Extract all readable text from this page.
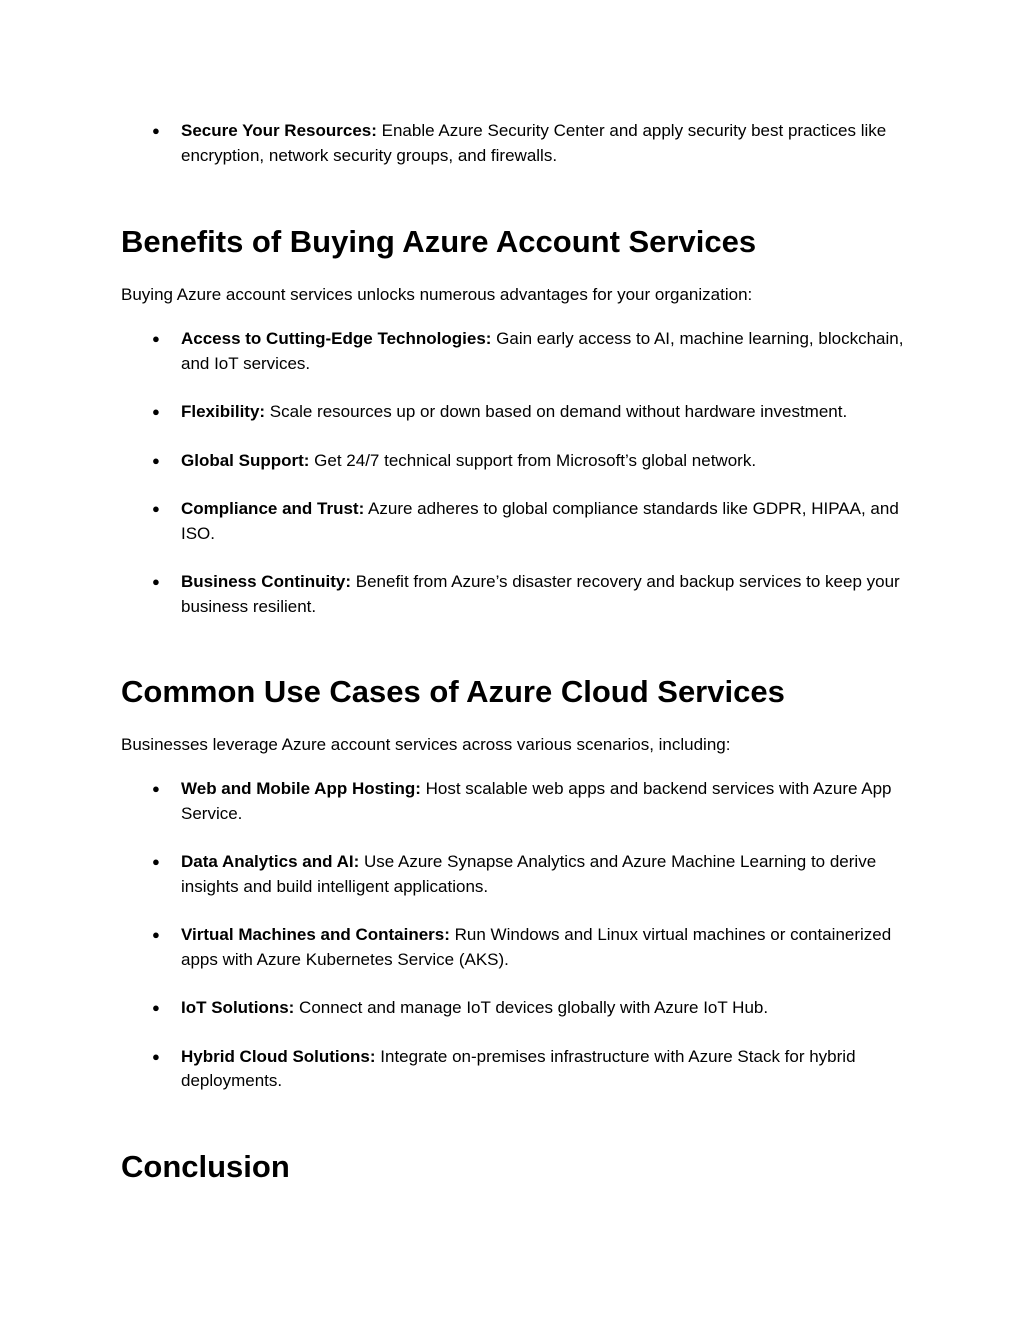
● Secure Your Resources: Enable Azure Security Center and apply security best practices like encryption, network security groups, and firewalls.
Benefits of Buying Azure Account Services

Buying Azure account services unlocks numerous advantages for your organization:

● Access to Cutting-Edge Technologies: Gain early access to AI, machine learning, blockchain, and IoT services.
● Flexibility: Scale resources up or down based on demand without hardware investment.
● Global Support: Get 24/7 technical support from Microsoft’s global network.
● Compliance and Trust: Azure adheres to global compliance standards like GDPR, HIPAA, and ISO.
● Business Continuity: Benefit from Azure’s disaster recovery and backup services to keep your business resilient.
Common Use Cases of Azure Cloud Services

Businesses leverage Azure account services across various scenarios, including:

● Web and Mobile App Hosting: Host scalable web apps and backend services with Azure App Service.
● Data Analytics and AI: Use Azure Synapse Analytics and Azure Machine Learning to derive insights and build intelligent applications.
● Virtual Machines and Containers: Run Windows and Linux virtual machines or containerized apps with Azure Kubernetes Service (AKS).
● IoT Solutions: Connect and manage IoT devices globally with Azure IoT Hub.
● Hybrid Cloud Solutions: Integrate on-premises infrastructure with Azure Stack for hybrid deployments.
Conclusion
